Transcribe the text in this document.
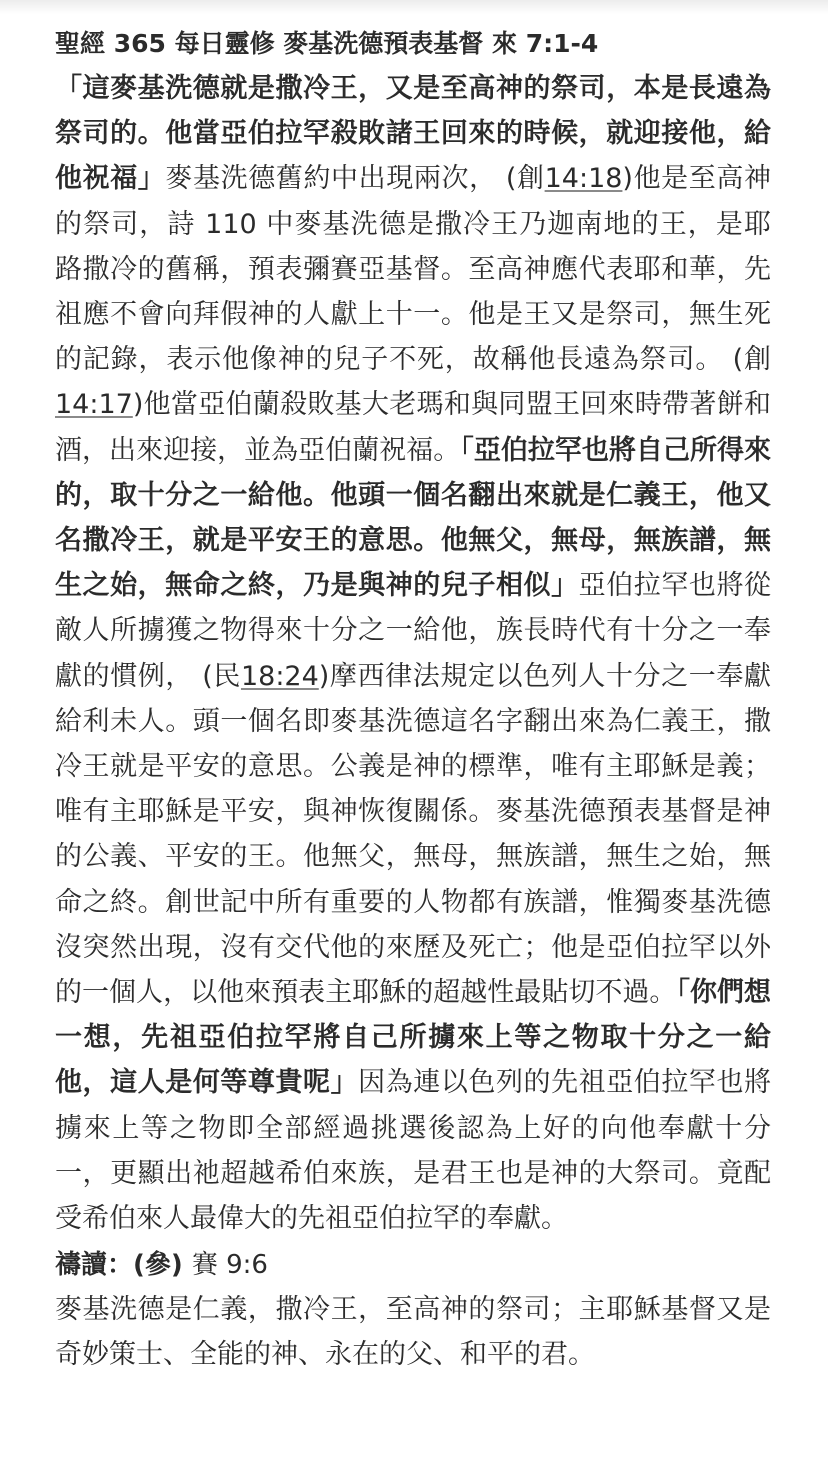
聖經 365 每日靈修 麥基洗德預表基督 來 7:1-4

「這麥基洗德就是撒冷王，又是至高神的祭司，本是長遠為祭司的。他當亞伯拉罕殺敗諸王回來的時候，就迎接他，給他祝福」麥基洗德舊約中出現兩次， (創14:18)他是至高神的祭司，詩 110 中麥基洗德是撒冷王乃迦南地的王，是耶路撒冷的舊稱，預表彌賽亞基督。至高神應代表耶和華，先祖應不會向拜假神的人獻上十一。他是王又是祭司，無生死的記錄，表示他像神的兒子不死，故稱他長遠為祭司。 (創14:17)他當亞伯蘭殺敗基大老瑪和與同盟王回來時帶著餅和酒，出來迎接，並為亞伯蘭祝福。「亞伯拉罕也將自己所得來的，取十分之一給他。他頭一個名翻出來就是仁義王，他又名撒冷王，就是平安王的意思。他無父，無母，無族譜，無生之始，無命之終，乃是與神的兒子相似」亞伯拉罕也將從敵人所擄獲之物得來十分之一給他，族長時代有十分之一奉獻的慣例， (民18:24)摩西律法規定以色列人十分之一奉獻給利未人。頭一個名即麥基洗德這名字翻出來為仁義王，撒冷王就是平安的意思。公義是神的標準，唯有主耶穌是義；唯有主耶穌是平安，與神恢復關係。麥基洗德預表基督是神的公義、平安的王。他無父，無母，無族譜，無生之始，無命之終。創世記中所有重要的人物都有族譜，惟獨麥基洗德沒突然出現，沒有交代他的來歷及死亡；他是亞伯拉罕以外的一個人，以他來預表主耶穌的超越性最貼切不過。「你們想一想，先祖亞伯拉罕將自己所擄來上等之物取十分之一給他，這人是何等尊貴呢」因為連以色列的先祖亞伯拉罕也將擄來上等之物即全部經過挑選後認為上好的向他奉獻十分一，更顯出祂超越希伯來族，是君王也是神的大祭司。竟配受希伯來人最偉大的先祖亞伯拉罕的奉獻。

禱讀：(參) 賽 9:6

麥基洗德是仁義，撒冷王，至高神的祭司；主耶穌基督又是奇妙策士、全能的神、永在的父、和平的君。
